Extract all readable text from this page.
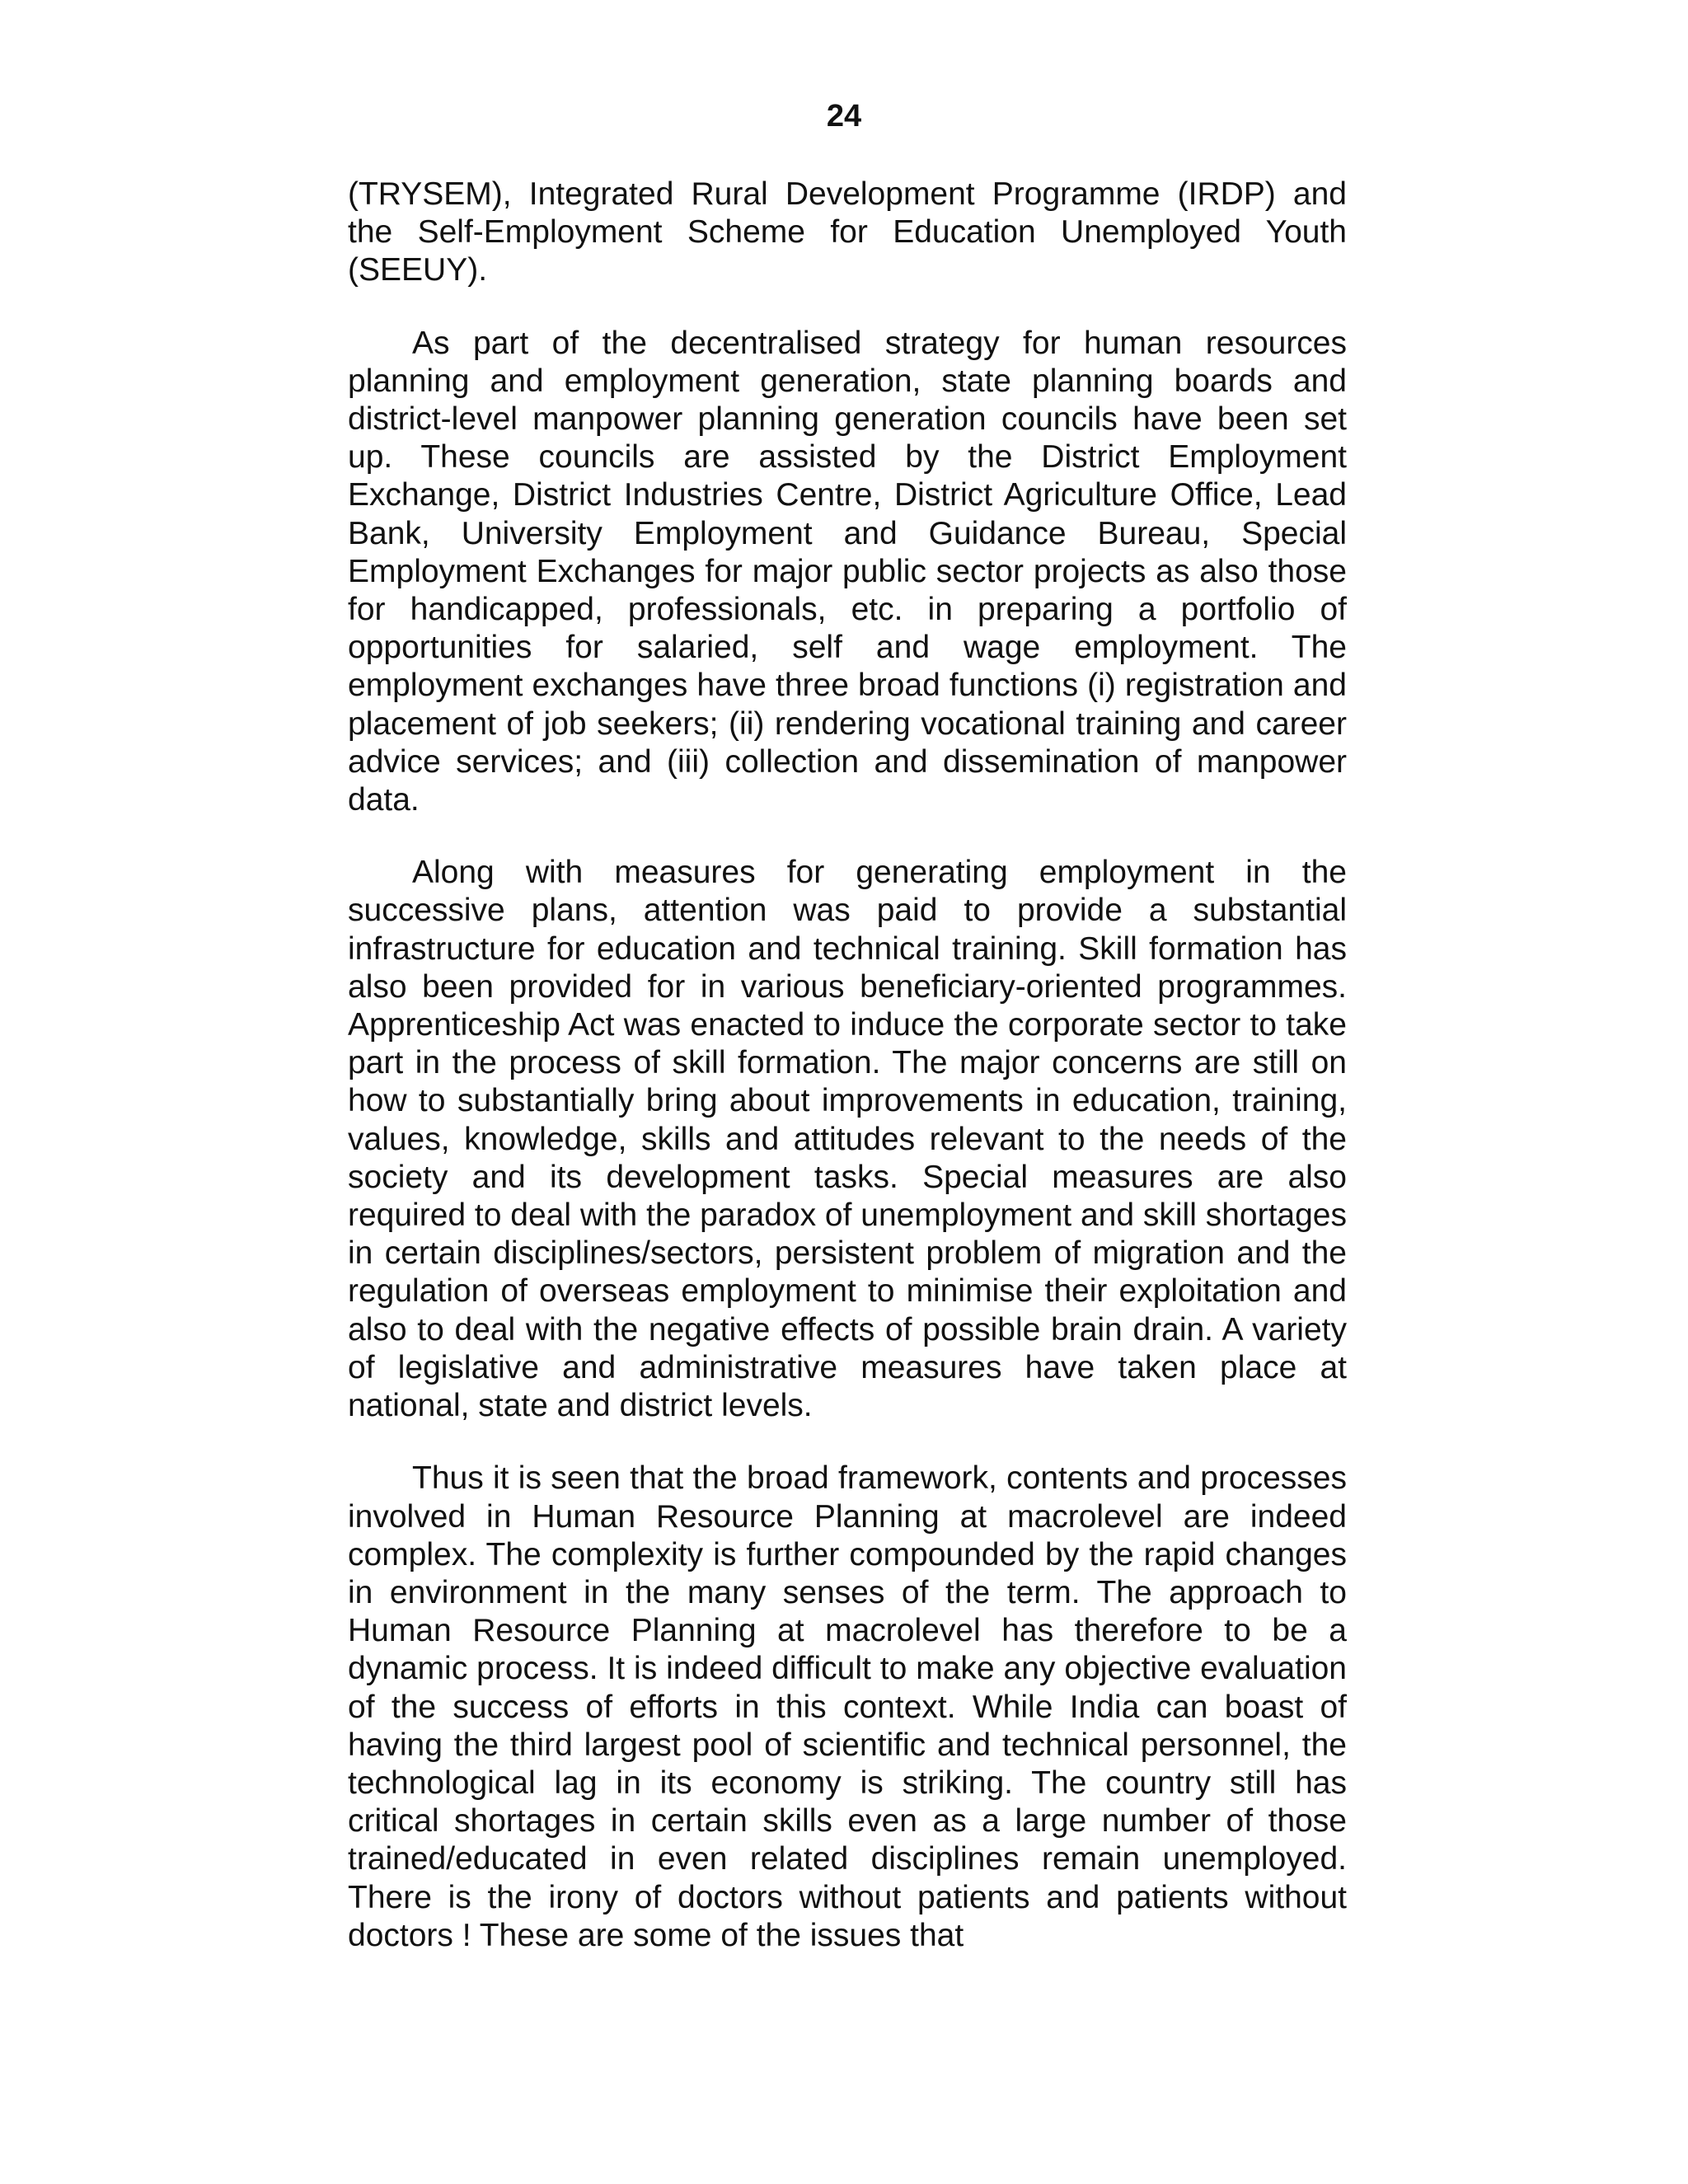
24

(TRYSEM), Integrated Rural Development Programme (IRDP) and the Self-Employment Scheme for Education Unemployed Youth (SEEUY).

As part of the decentralised strategy for human resources planning and employment generation, state planning boards and district-level manpower planning generation councils have been set up. These councils are assisted by the District Employment Exchange, District Industries Centre, District Agriculture Office, Lead Bank, University Employment and Guidance Bureau, Special Employment Exchanges for major public sector projects as also those for handicapped, professionals, etc. in preparing a portfolio of opportunities for salaried, self and wage employment. The employment exchanges have three broad functions (i) registration and placement of job seekers; (ii) rendering vocational training and career advice services; and (iii) collection and dissemination of manpower data.

Along with measures for generating employment in the successive plans, attention was paid to provide a substantial infrastructure for education and technical training. Skill formation has also been provided for in various beneficiary-oriented programmes. Apprenticeship Act was enacted to induce the corporate sector to take part in the process of skill formation. The major concerns are still on how to substantially bring about improvements in education, training, values, knowledge, skills and attitudes relevant to the needs of the society and its development tasks. Special measures are also required to deal with the paradox of unemployment and skill shortages in certain disciplines/sectors, persistent problem of migration and the regulation of overseas employment to minimise their exploitation and also to deal with the negative effects of possible brain drain. A variety of legislative and administrative measures have taken place at national, state and district levels.

Thus it is seen that the broad framework, contents and processes involved in Human Resource Planning at macrolevel are indeed complex. The complexity is further compounded by the rapid changes in environment in the many senses of the term. The approach to Human Resource Planning at macrolevel has therefore to be a dynamic process. It is indeed difficult to make any objective evaluation of the success of efforts in this context. While India can boast of having the third largest pool of scientific and technical personnel, the technological lag in its economy is striking. The country still has critical shortages in certain skills even as a large number of those trained/educated in even related disciplines remain unemployed. There is the irony of doctors without patients and patients without doctors ! These are some of the issues that
